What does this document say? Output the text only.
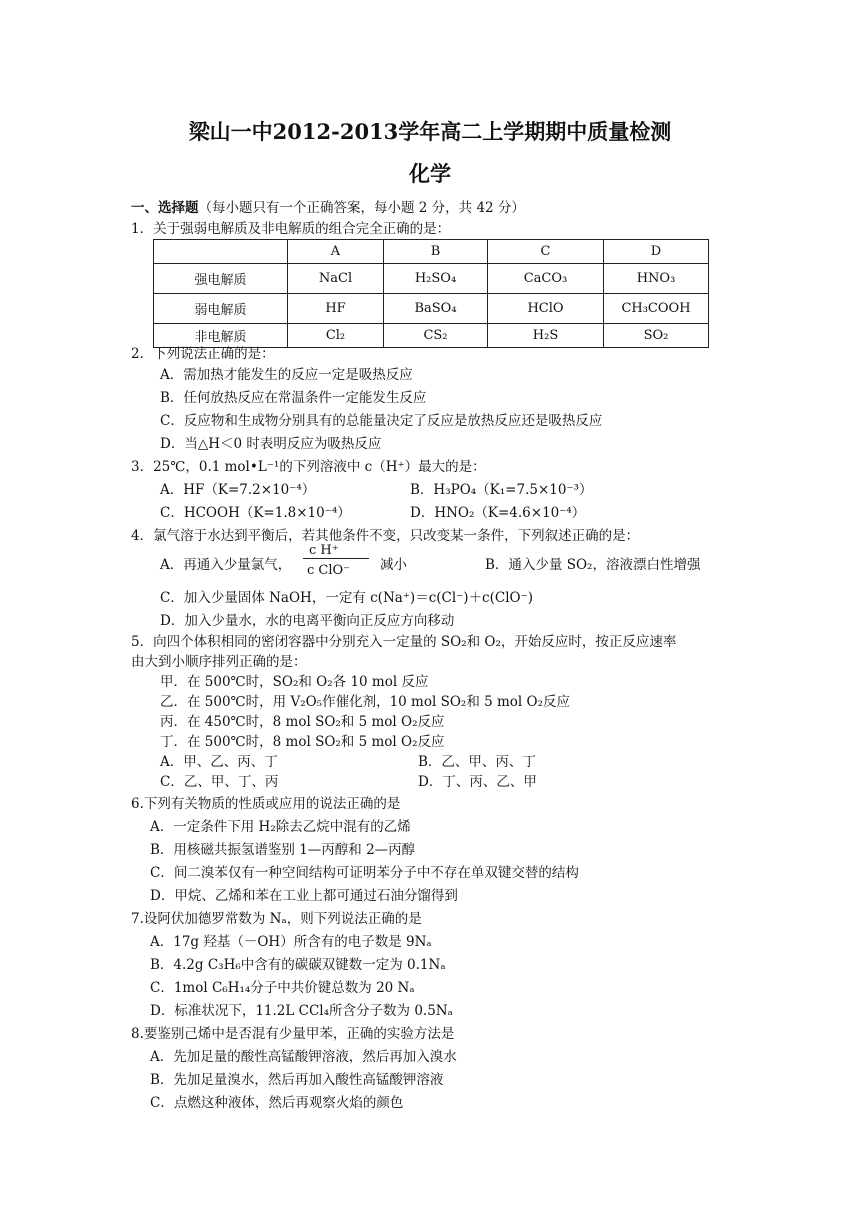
梁山一中2012-2013学年高二上学期期中质量检测
化学
一、选择题（每小题只有一个正确答案，每小题 2 分，共 42 分）
1．关于强弱电解质及非电解质的组合完全正确的是：
	A	B	C	D
强电解质	NaCl	H₂SO₄	CaCO₃	HNO₃
弱电解质	HF	BaSO₄	HClO	CH₃COOH
非电解质	Cl₂	CS₂	H₂S	SO₂
2．下列说法正确的是：
A．需加热才能发生的反应一定是吸热反应
B．任何放热反应在常温条件一定能发生反应
C．反应物和生成物分别具有的总能量决定了反应是放热反应还是吸热反应
D．当△H＜0 时表明反应为吸热反应
3．25℃，0.1 mol•L⁻¹的下列溶液中 c（H⁺）最大的是：
A．HF（K=7.2×10⁻⁴）	B．H₃PO₄（K₁=7.5×10⁻³）
C．HCOOH（K=1.8×10⁻⁴）	D．HNO₂（K=4.6×10⁻⁴）
4．氯气溶于水达到平衡后，若其他条件不变，只改变某一条件，下列叙述正确的是：
A．再通入少量氯气，
c H⁺
c ClO⁻ 减小	B．通入少量 SO₂，溶液漂白性增强
C．加入少量固体 NaOH，一定有 c(Na⁺)＝c(Cl⁻)＋c(ClO⁻)
D．加入少量水，水的电离平衡向正反应方向移动
5．向四个体积相同的密闭容器中分别充入一定量的 SO₂和 O₂，开始反应时，按正反应速率
由大到小顺序排列正确的是：
甲．在 500℃时，SO₂和 O₂各 10 mol 反应
乙．在 500℃时，用 V₂O₅作催化剂，10 mol SO₂和 5 mol O₂反应
丙．在 450℃时，8 mol SO₂和 5 mol O₂反应
丁．在 500℃时，8 mol SO₂和 5 mol O₂反应
A．甲、乙、丙、丁	B．乙、甲、丙、丁
C．乙、甲、丁、丙	D．丁、丙、乙、甲
6.下列有关物质的性质或应用的说法正确的是
A．一定条件下用 H₂除去乙烷中混有的乙烯
B．用核磁共振氢谱鉴别 1—丙醇和 2—丙醇
C．间二溴苯仅有一种空间结构可证明苯分子中不存在单双键交替的结构
D．甲烷、乙烯和苯在工业上都可通过石油分馏得到
7.设阿伏加德罗常数为 Nₐ，则下列说法正确的是
A．17g 羟基（－OH）所含有的电子数是 9Nₐ
B．4.2g C₃H₆中含有的碳碳双键数一定为 0.1Nₐ
C．1mol C₆H₁₄分子中共价键总数为 20 Nₐ
D．标准状况下，11.2L CCl₄所含分子数为 0.5Nₐ
8.要鉴别己烯中是否混有少量甲苯，正确的实验方法是
A．先加足量的酸性高锰酸钾溶液，然后再加入溴水
B．先加足量溴水，然后再加入酸性高锰酸钾溶液
C．点燃这种液体，然后再观察火焰的颜色
